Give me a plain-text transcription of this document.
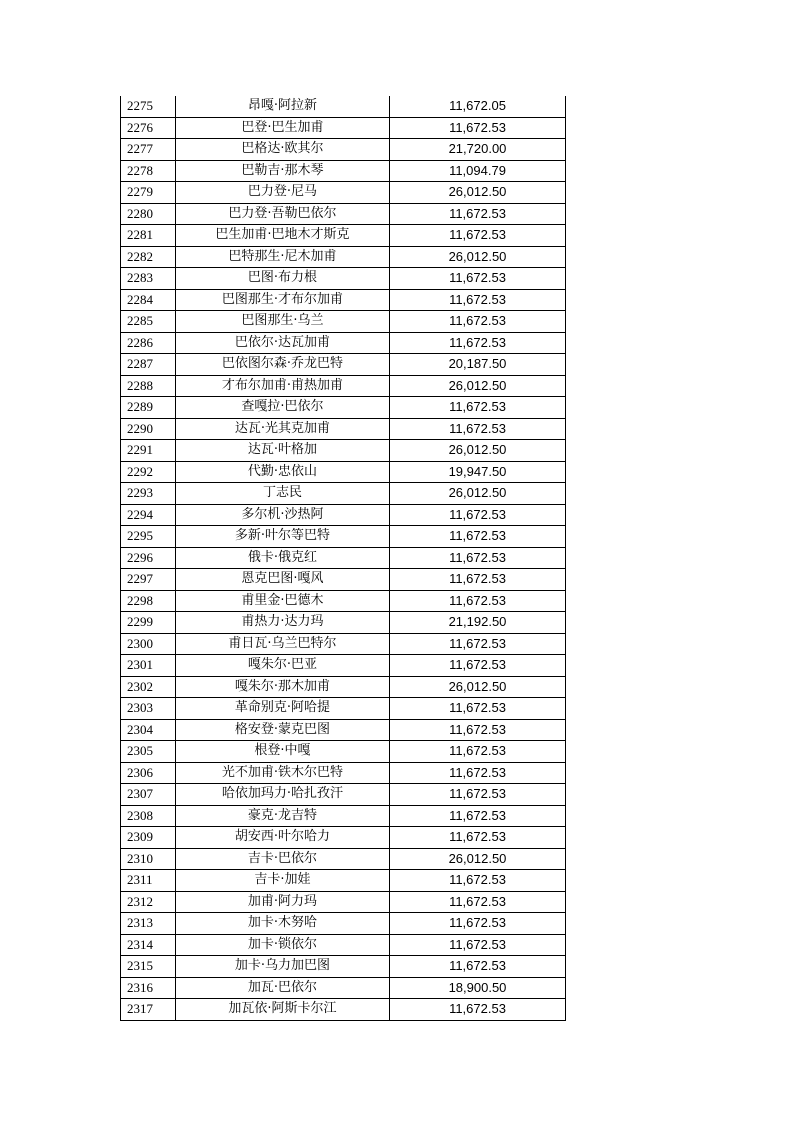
2275	昂嘎·阿拉新	11,672.05
2276	巴登·巴生加甫	11,672.53
2277	巴格达·欧其尔	21,720.00
2278	巴勒吉·那木琴	11,094.79
2279	巴力登·尼马	26,012.50
2280	巴力登·吾勒巴依尔	11,672.53
2281	巴生加甫·巴地木才斯克	11,672.53
2282	巴特那生·尼木加甫	26,012.50
2283	巴图·布力根	11,672.53
2284	巴图那生·才布尔加甫	11,672.53
2285	巴图那生·乌兰	11,672.53
2286	巴依尔·达瓦加甫	11,672.53
2287	巴依图尔森·乔龙巴特	20,187.50
2288	才布尔加甫·甫热加甫	26,012.50
2289	查嘎拉·巴依尔	11,672.53
2290	达瓦·光其克加甫	11,672.53
2291	达瓦·叶格加	26,012.50
2292	代勤·忠依山	19,947.50
2293	丁志民	26,012.50
2294	多尔机·沙热阿	11,672.53
2295	多新·叶尔等巴特	11,672.53
2296	俄卡·俄克红	11,672.53
2297	恩克巴图·嘎风	11,672.53
2298	甫里金·巴德木	11,672.53
2299	甫热力·达力玛	21,192.50
2300	甫日瓦·乌兰巴特尔	11,672.53
2301	嘎朱尔·巴亚	11,672.53
2302	嘎朱尔·那木加甫	26,012.50
2303	革命别克·阿哈提	11,672.53
2304	格安登·蒙克巴图	11,672.53
2305	根登·中嘎	11,672.53
2306	光不加甫·铁木尔巴特	11,672.53
2307	哈依加玛力·哈扎孜汗	11,672.53
2308	豪克·龙吉特	11,672.53
2309	胡安西·叶尔哈力	11,672.53
2310	吉卡·巴依尔	26,012.50
2311	吉卡·加娃	11,672.53
2312	加甫·阿力玛	11,672.53
2313	加卡·木努哈	11,672.53
2314	加卡·锁依尔	11,672.53
2315	加卡·乌力加巴图	11,672.53
2316	加瓦·巴依尔	18,900.50
2317	加瓦依·阿斯卡尔江	11,672.53
